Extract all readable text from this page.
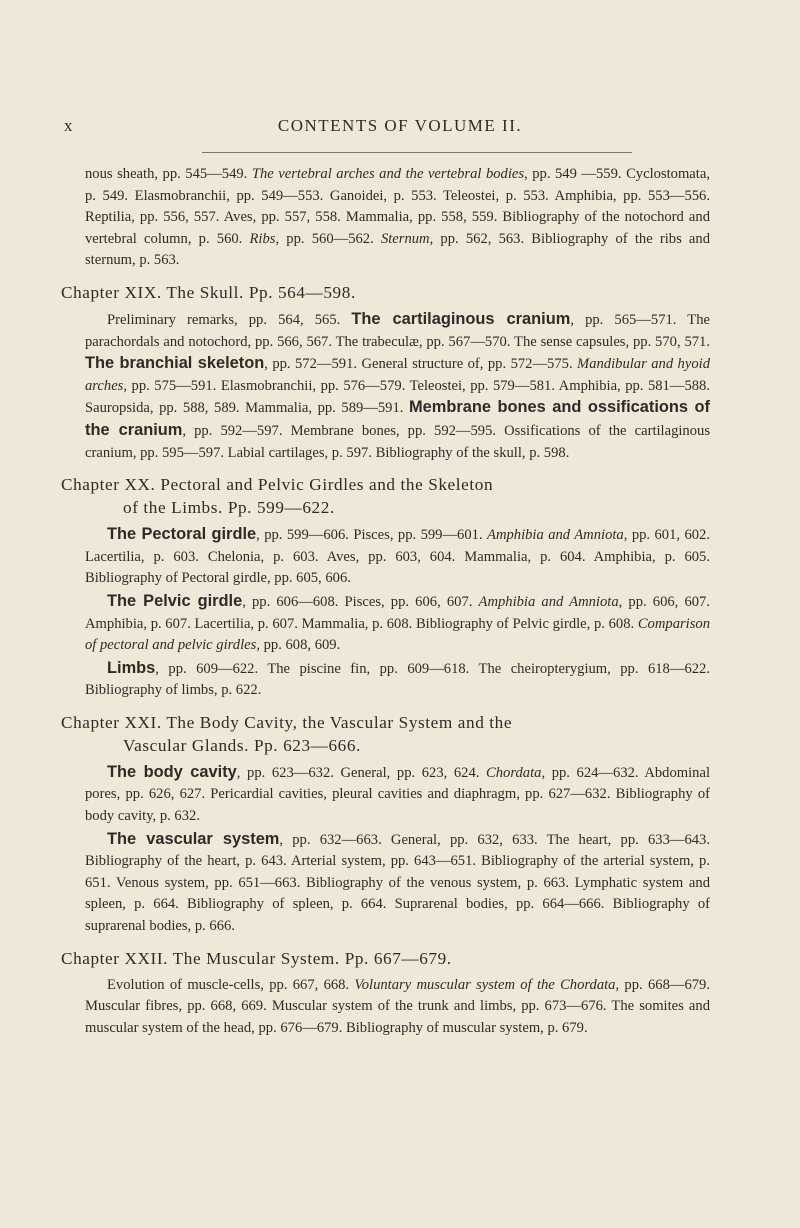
x	CONTENTS OF VOLUME II.

nous sheath, pp. 545—549. The vertebral arches and the vertebral bodies, pp. 549 —559. Cyclostomata, p. 549. Elasmobranchii, pp. 549—553. Ganoidei, p. 553. Teleostei, p. 553. Amphibia, pp. 553—556. Reptilia, pp. 556, 557. Aves, pp. 557, 558. Mammalia, pp. 558, 559. Bibliography of the notochord and vertebral column, p. 560. Ribs, pp. 560—562. Sternum, pp. 562, 563. Bibliography of the ribs and sternum, p. 563.

Chapter XIX. The Skull. Pp. 564—598.

Preliminary remarks, pp. 564, 565. The cartilaginous cranium, pp. 565—571. The parachordals and notochord, pp. 566, 567. The trabeculæ, pp. 567—570. The sense capsules, pp. 570, 571. The branchial skeleton, pp. 572—591. General structure of, pp. 572—575. Mandibular and hyoid arches, pp. 575—591. Elasmobranchii, pp. 576—579. Teleostei, pp. 579—581. Amphibia, pp. 581—588. Sauropsida, pp. 588, 589. Mammalia, pp. 589—591. Membrane bones and ossifications of the cranium, pp. 592—597. Membrane bones, pp. 592—595. Ossifications of the cartilaginous cranium, pp. 595—597. Labial cartilages, p. 597. Bibliography of the skull, p. 598.

Chapter XX. Pectoral and Pelvic Girdles and the Skeleton
of the Limbs. Pp. 599—622.

The Pectoral girdle, pp. 599—606. Pisces, pp. 599—601. Amphibia and Amniota, pp. 601, 602. Lacertilia, p. 603. Chelonia, p. 603. Aves, pp. 603, 604. Mammalia, p. 604. Amphibia, p. 605. Bibliography of Pectoral girdle, pp. 605, 606.

The Pelvic girdle, pp. 606—608. Pisces, pp. 606, 607. Amphibia and Amniota, pp. 606, 607. Amphibia, p. 607. Lacertilia, p. 607. Mammalia, p. 608. Bibliography of Pelvic girdle, p. 608. Comparison of pectoral and pelvic girdles, pp. 608, 609.

Limbs, pp. 609—622. The piscine fin, pp. 609—618. The cheiropterygium, pp. 618—622. Bibliography of limbs, p. 622.

Chapter XXI. The Body Cavity, the Vascular System and the
Vascular Glands. Pp. 623—666.

The body cavity, pp. 623—632. General, pp. 623, 624. Chordata, pp. 624—632. Abdominal pores, pp. 626, 627. Pericardial cavities, pleural cavities and diaphragm, pp. 627—632. Bibliography of body cavity, p. 632.

The vascular system, pp. 632—663. General, pp. 632, 633. The heart, pp. 633—643. Bibliography of the heart, p. 643. Arterial system, pp. 643—651. Bibliography of the arterial system, p. 651. Venous system, pp. 651—663. Bibliography of the venous system, p. 663. Lymphatic system and spleen, p. 664. Bibliography of spleen, p. 664. Suprarenal bodies, pp. 664—666. Bibliography of suprarenal bodies, p. 666.

Chapter XXII. The Muscular System. Pp. 667—679.

Evolution of muscle-cells, pp. 667, 668. Voluntary muscular system of the Chordata, pp. 668—679. Muscular fibres, pp. 668, 669. Muscular system of the trunk and limbs, pp. 673—676. The somites and muscular system of the head, pp. 676—679. Bibliography of muscular system, p. 679.
